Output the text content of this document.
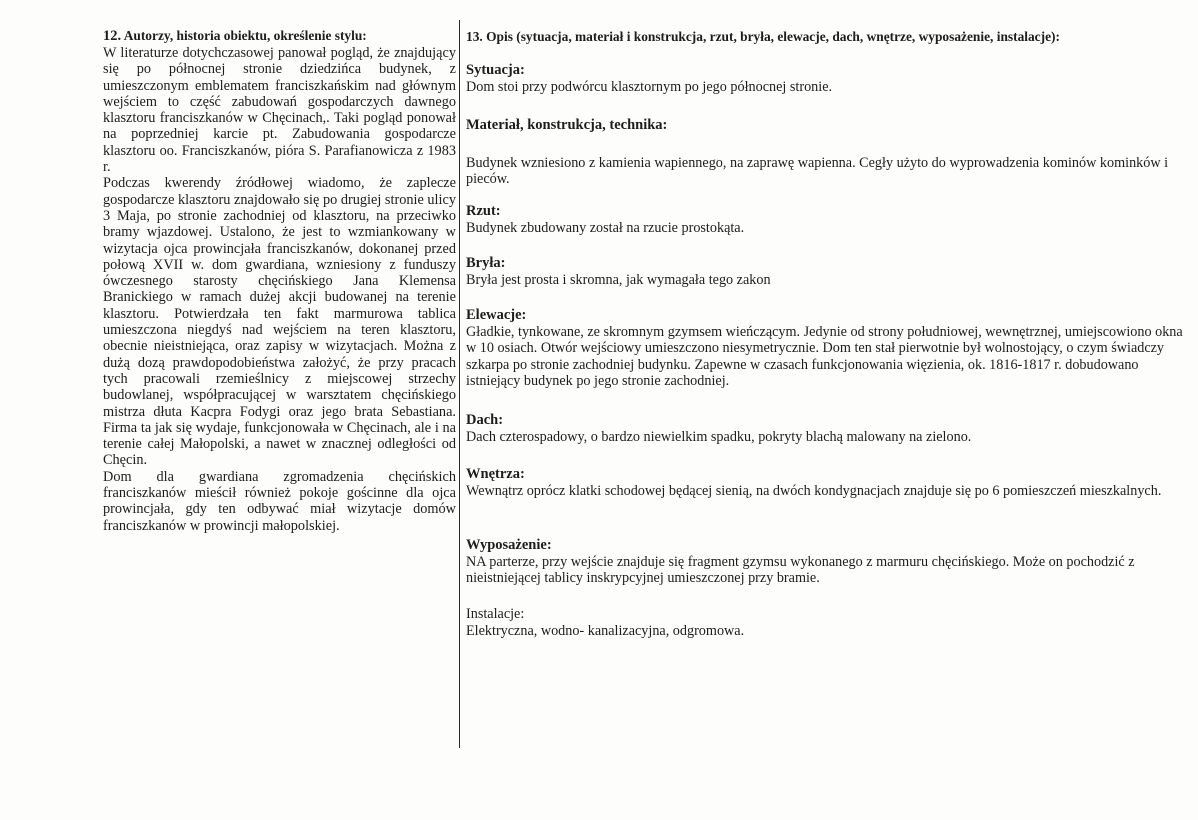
12. Autorzy, historia obiektu, określenie stylu:

W literaturze dotychczasowej panował pogląd, że znajdujący się po północnej stronie dziedzińca budynek, z umieszczonym emblematem franciszkańskim nad głównym wejściem to część zabudowań gospodarczych dawnego klasztoru franciszkanów w Chęcinach,. Taki pogląd ponował na poprzedniej karcie pt. Zabudowania gospodarcze klasztoru oo. Franciszkanów, pióra S. Parafianowicza z 1983 r.

Podczas kwerendy źródłowej wiadomo, że zaplecze gospodarcze klasztoru znajdowało się po drugiej stronie ulicy 3 Maja, po stronie zachodniej od klasztoru, na przeciwko bramy wjazdowej. Ustalono, że jest to wzmiankowany w wizytacja ojca prowincjała franciszkanów, dokonanej przed połową XVII w. dom gwardiana, wzniesiony z funduszy ówczesnego starosty chęcińskiego Jana Klemensa Branickiego w ramach dużej akcji budowanej na terenie klasztoru. Potwierdzała ten fakt marmurowa tablica umieszczona niegdyś nad wejściem na teren klasztoru, obecnie nieistniejąca, oraz zapisy w wizytacjach. Można z dużą dozą prawdopodobieństwa założyć, że przy pracach tych pracowali rzemieślnicy z miejscowej strzechy budowlanej, współpracującej w warsztatem chęcińskiego mistrza dłuta Kacpra Fodygi oraz jego brata Sebastiana. Firma ta jak się wydaje, funkcjonowała w Chęcinach, ale i na terenie całej Małopolski, a nawet w znacznej odległości od Chęcin.

Dom dla gwardiana zgromadzenia chęcińskich franciszkanów mieścił również pokoje gościnne dla ojca prowincjała, gdy ten odbywać miał wizytacje domów franciszkanów w prowincji małopolskiej.

13. Opis (sytuacja, materiał i konstrukcja, rzut, bryła, elewacje, dach, wnętrze, wyposażenie, instalacje):
Sytuacja:
Dom stoi przy podwórcu klasztornym po jego północnej stronie.
Materiał, konstrukcja, technika:
Budynek wzniesiono z kamienia wapiennego, na zaprawę wapienna. Cegły użyto do wyprowadzenia kominów kominków i pieców.
Rzut:
Budynek zbudowany został na rzucie prostokąta.
Bryła:
Bryła jest prosta i skromna, jak wymagała tego zakon
Elewacje:
Gładkie, tynkowane, ze skromnym gzymsem wieńczącym. Jedynie od strony południowej, wewnętrznej, umiejscowiono okna w 10 osiach. Otwór wejściowy umieszczono niesymetrycznie. Dom ten stał pierwotnie był wolnostojący, o czym świadczy szkarpa po stronie zachodniej budynku. Zapewne w czasach funkcjonowania więzienia, ok. 1816-1817 r. dobudowano istniejący budynek po jego stronie zachodniej.
Dach:
Dach czterospadowy, o bardzo niewielkim spadku, pokryty blachą malowany na zielono.
Wnętrza:
Wewnątrz oprócz klatki schodowej będącej sienią, na dwóch kondygnacjach znajduje się po 6 pomieszczeń mieszkalnych.
Wyposażenie:
NA parterze, przy wejście znajduje się fragment gzymsu wykonanego z marmuru chęcińskiego. Może on pochodzić z nieistniejącej tablicy inskrypcyjnej umieszczonej przy bramie.
Instalacje:
Elektryczna, wodno- kanalizacyjna, odgromowa.
